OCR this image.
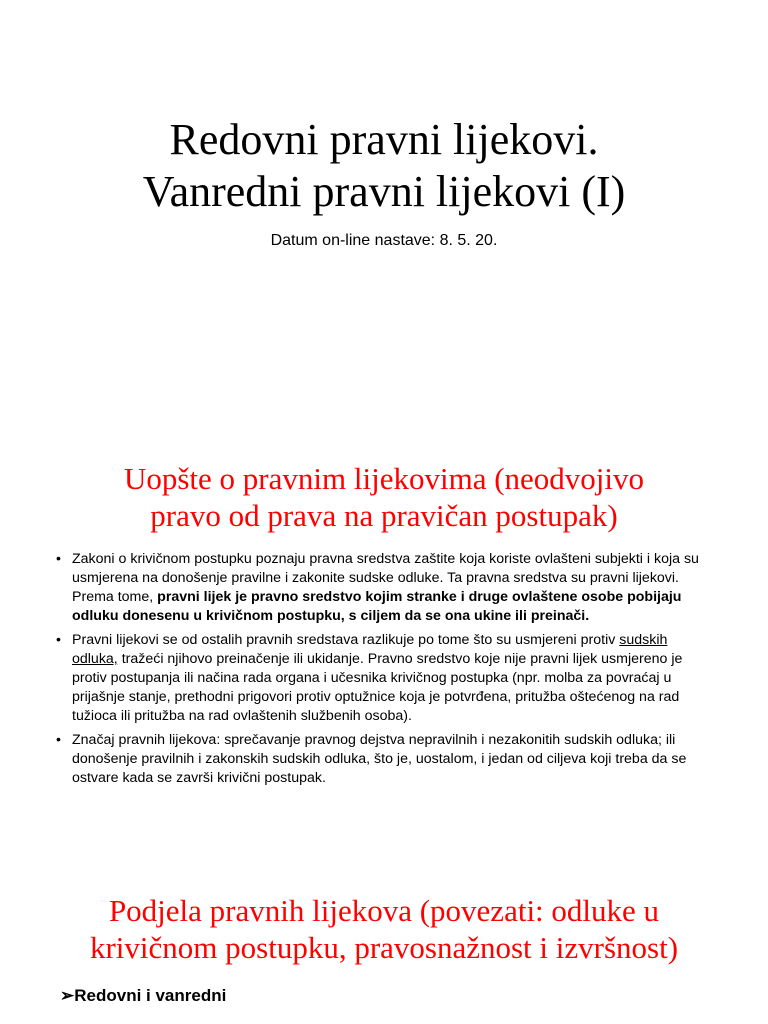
Redovni pravni lijekovi.
Vanredni pravni lijekovi (I)
Datum on-line nastave: 8. 5. 20.
Uopšte o pravnim lijekovima (neodvojivo
pravo od prava na pravičan postupak)
• Zakoni o krivičnom postupku poznaju pravna sredstva zaštite koja koriste ovlašteni subjekti i koja su usmjerena na donošenje pravilne i zakonite sudske odluke. Ta pravna sredstva su pravni lijekovi. Prema tome, pravni lijek je pravno sredstvo kojim stranke i druge ovlaštene osobe pobijaju odluku donesenu u krivičnom postupku, s ciljem da se ona ukine ili preinači.
• Pravni lijekovi se od ostalih pravnih sredstava razlikuje po tome što su usmjereni protiv sudskih odluka, tražeći njihovo preinačenje ili ukidanje. Pravno sredstvo koje nije pravni lijek usmjereno je protiv postupanja ili načina rada organa i učesnika krivičnog postupka (npr. molba za povraćaj u prijašnje stanje, prethodni prigovori protiv optužnice koja je potvrđena, pritužba oštećenog na rad tužioca ili pritužba na rad ovlaštenih službenih osoba).
• Značaj pravnih lijekova: sprečavanje pravnog dejstva nepravilnih i nezakonitih sudskih odluka; ili donošenje pravilnih i zakonskih sudskih odluka, što je, uostalom, i jedan od ciljeva koji treba da se ostvare kada se završi krivični postupak.
Podjela pravnih lijekova (povezati: odluke u
krivičnom postupku, pravosnažnost i izvršnost)
➢Redovni i vanredni
